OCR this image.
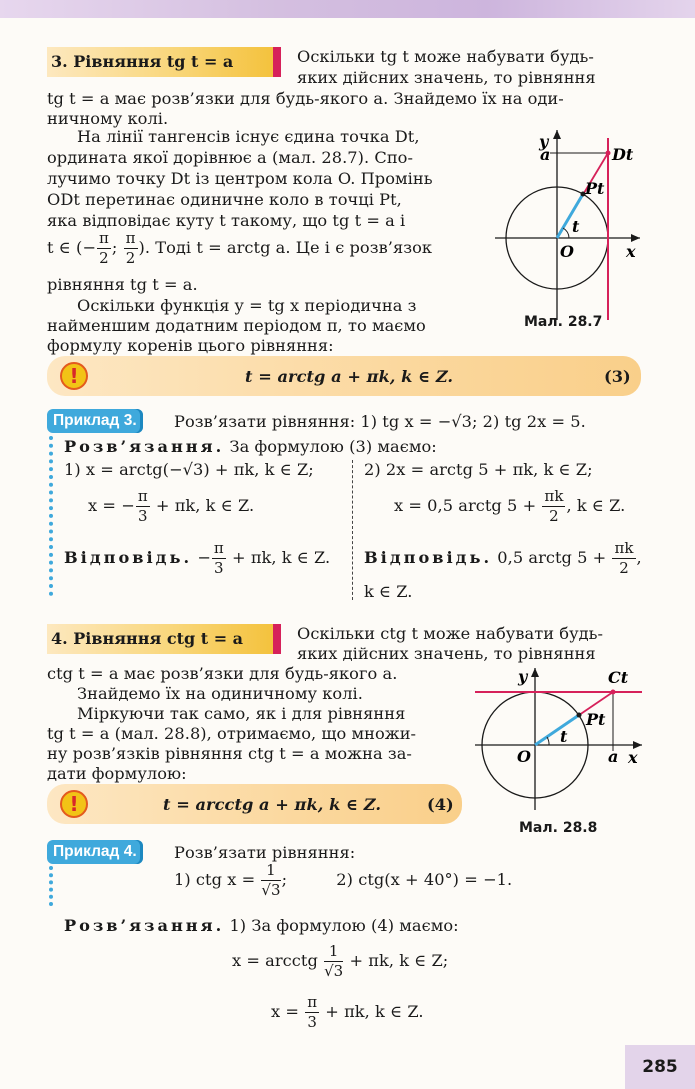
3. Рівняння tg t = a	Оскільки tg t може набувати будь-
яких дійсних значень, то рівняння
tg t = a має розв’язки для будь-якого a. Знайдемо їх на оди-
ничному колі.
На лінії тангенсів існує єдина точка Dt,
ордината якої дорівнює a (мал. 28.7). Спо-
лучимо точку Dt із центром кола O. Промінь
ODt перетинає одиничне коло в точці Pt,
яка відповідає куту t такому, що tg t = a і
t ∈ (− $\frac{\pi}{2}$ ; $\frac{\pi}{2}$ ). Тоді t = arctg a. Це і є розв’язок
рівняння tg t = a.
Оскільки функція y = tg x періодична з
найменшим додатним періодом π, то маємо
формулу коренів цього рівняння:
y
a	Dt
Pt
t
O	x
Мал. 28.7
!	t = arctg a + πk, k ∈ Z.	(3)
Приклад 3.	Розв’язати рівняння: 1) tg x = −√3; 2) tg 2x = 5.
Розв’язання. За формулою (3) маємо:
1) x = arctg(−√3) + πk, k ∈ Z;
x = − $\frac{\pi}{3} + \pi k$, k ∈ Z.
Відповідь. − $\frac{\pi}{3} + \pi k$, k ∈ Z.
2) 2x = arctg 5 + πk, k ∈ Z;
x = 0,5 arctg $5 + \frac{\pi k}{2}$ , k ∈ Z.
Відповідь. 0,5 arctg $5 + \frac{\pi k}{2}$ ,
k ∈ Z.
4. Рівняння ctg t = a	Оскільки ctg t може набувати будь-
яких дійсних значень, то рівняння
ctg t = a має розв’язки для будь-якого a.
Знайдемо їх на одиничному колі.
Міркуючи так само, як і для рівняння
tg t = a (мал. 28.8), отримаємо, що множи-
ну розв’язків рівняння ctg t = a можна за-
дати формулою:
y	Ct
Pt
t
O	a x
Мал. 28.8
!	t = arcctg a + πk, k ∈ Z.	(4)
Приклад 4.	Розв’язати рівняння:
1) ctg $x = \frac{1}{√3}$ ;	2) ctg(x + 40°) = −1.
Розв’язання. 1) За формулою (4) маємо:
x = arcctg $\frac{1}{√3} + \pi k$, k ∈ Z;
$x = \frac{\pi}{3} + \pi k$, k ∈ Z.
285
